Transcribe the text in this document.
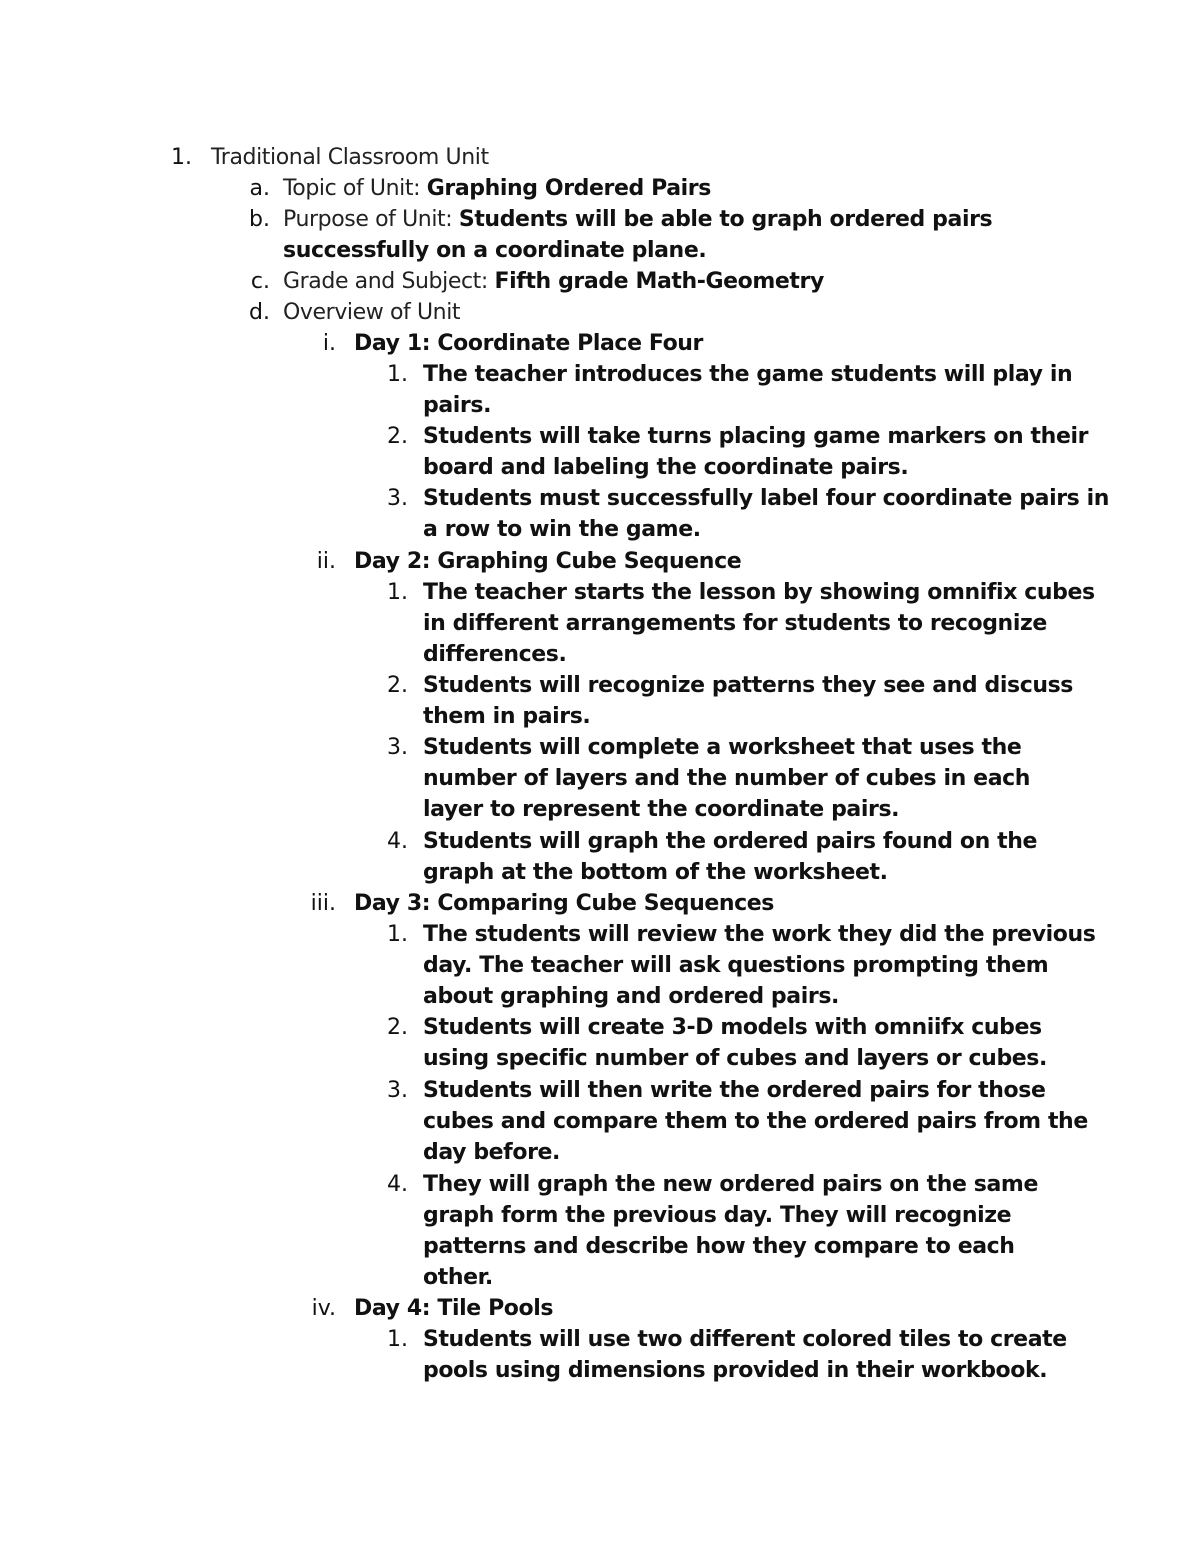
1. Traditional Classroom Unit
a. Topic of Unit: Graphing Ordered Pairs
b. Purpose of Unit: Students will be able to graph ordered pairs
successfully on a coordinate plane.
c. Grade and Subject: Fifth grade Math-Geometry
d. Overview of Unit
i. Day 1: Coordinate Place Four
1. The teacher introduces the game students will play in
pairs.
2. Students will take turns placing game markers on their
board and labeling the coordinate pairs.
3. Students must successfully label four coordinate pairs in
a row to win the game.
ii. Day 2: Graphing Cube Sequence
1. The teacher starts the lesson by showing omnifix cubes
in different arrangements for students to recognize
differences.
2. Students will recognize patterns they see and discuss
them in pairs.
3. Students will complete a worksheet that uses the
number of layers and the number of cubes in each
layer to represent the coordinate pairs.
4. Students will graph the ordered pairs found on the
graph at the bottom of the worksheet.
iii. Day 3: Comparing Cube Sequences
1. The students will review the work they did the previous
day. The teacher will ask questions prompting them
about graphing and ordered pairs.
2. Students will create 3-D models with omniifx cubes
using specific number of cubes and layers or cubes.
3. Students will then write the ordered pairs for those
cubes and compare them to the ordered pairs from the
day before.
4. They will graph the new ordered pairs on the same
graph form the previous day. They will recognize
patterns and describe how they compare to each
other.
iv. Day 4: Tile Pools
1. Students will use two different colored tiles to create
pools using dimensions provided in their workbook.
